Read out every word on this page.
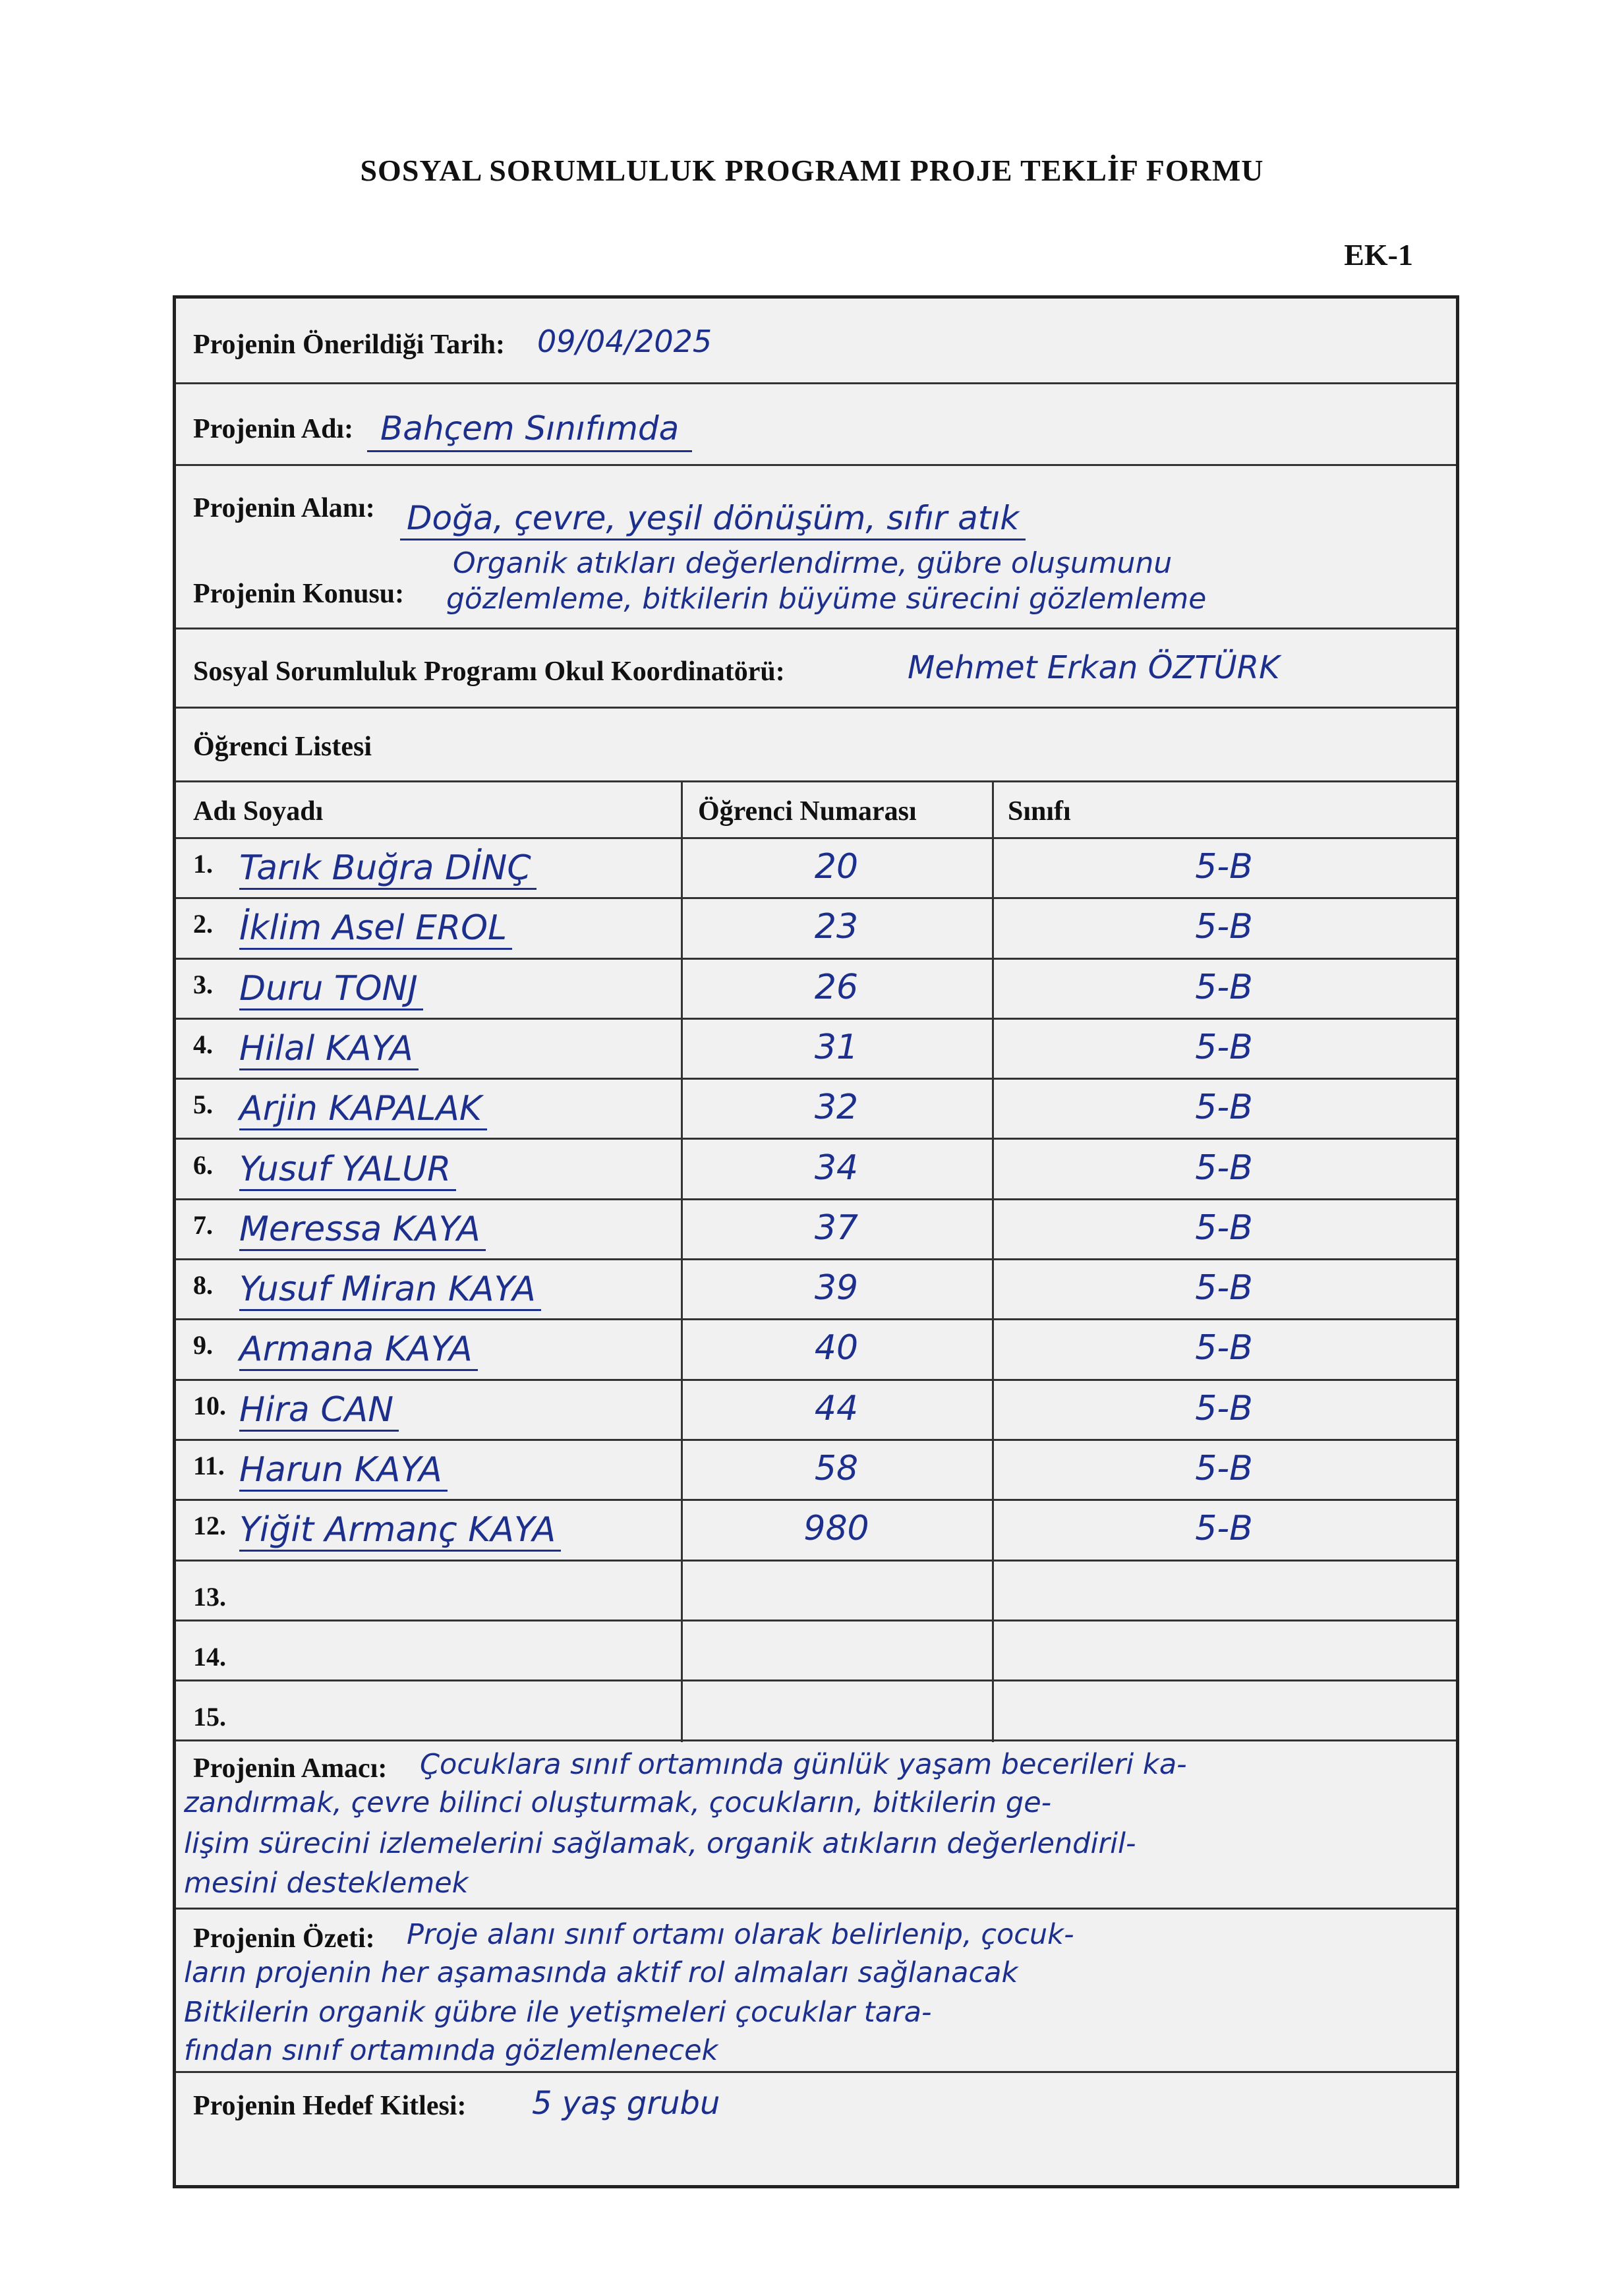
SOSYAL SORUMLULUK PROGRAMI PROJE TEKLİF FORMU
EK-1
Projenin Önerildiği Tarih: 09/04/2025
Projenin Adı: Bahçem Sınıfımda
Projenin Alanı: Doğa, çevre, yeşil dönüşüm, sıfır atık
Projenin Konusu:
Organik atıkları değerlendirme, gübre oluşumunu
gözlemleme, bitkilerin büyüme sürecini gözlemleme
Sosyal Sorumluluk Programı Okul Koordinatörü:	Mehmet Erkan ÖZTÜRK
Öğrenci Listesi
Adı Soyadı	Öğrenci Numarası	Sınıfı
1. Tarık Buğra DİNÇ	20	5-B
2. İklim Asel EROL	23	5-B
3. Duru TONJ	26	5-B
4. Hilal KAYA	31	5-B
5. Arjin KAPALAK	32	5-B
6. Yusuf YALUR	34	5-B
7. Meressa KAYA	37	5-B
8. Yusuf Miran KAYA	39	5-B
9. Armana KAYA	40	5-B
10. Hira CAN	44	5-B
11. Harun KAYA	58	5-B
12. Yiğit Armanç KAYA	980	5-B
13.
14.
15.
Projenin Amacı: Çocuklara sınıf ortamında günlük yaşam becerileri ka-
zandırmak, çevre bilinci oluşturmak, çocukların, bitkilerin ge-
lişim sürecini izlemelerini sağlamak, organik atıkların değerlendiril-
mesini desteklemek
Projenin Özeti: Proje alanı sınıf ortamı olarak belirlenip, çocuk-
ların projenin her aşamasında aktif rol almaları sağlanacak
Bitkilerin organik gübre ile yetişmeleri çocuklar tara-
fından sınıf ortamında gözlemlenecek
Projenin Hedef Kitlesi: 5 yaş grubu
